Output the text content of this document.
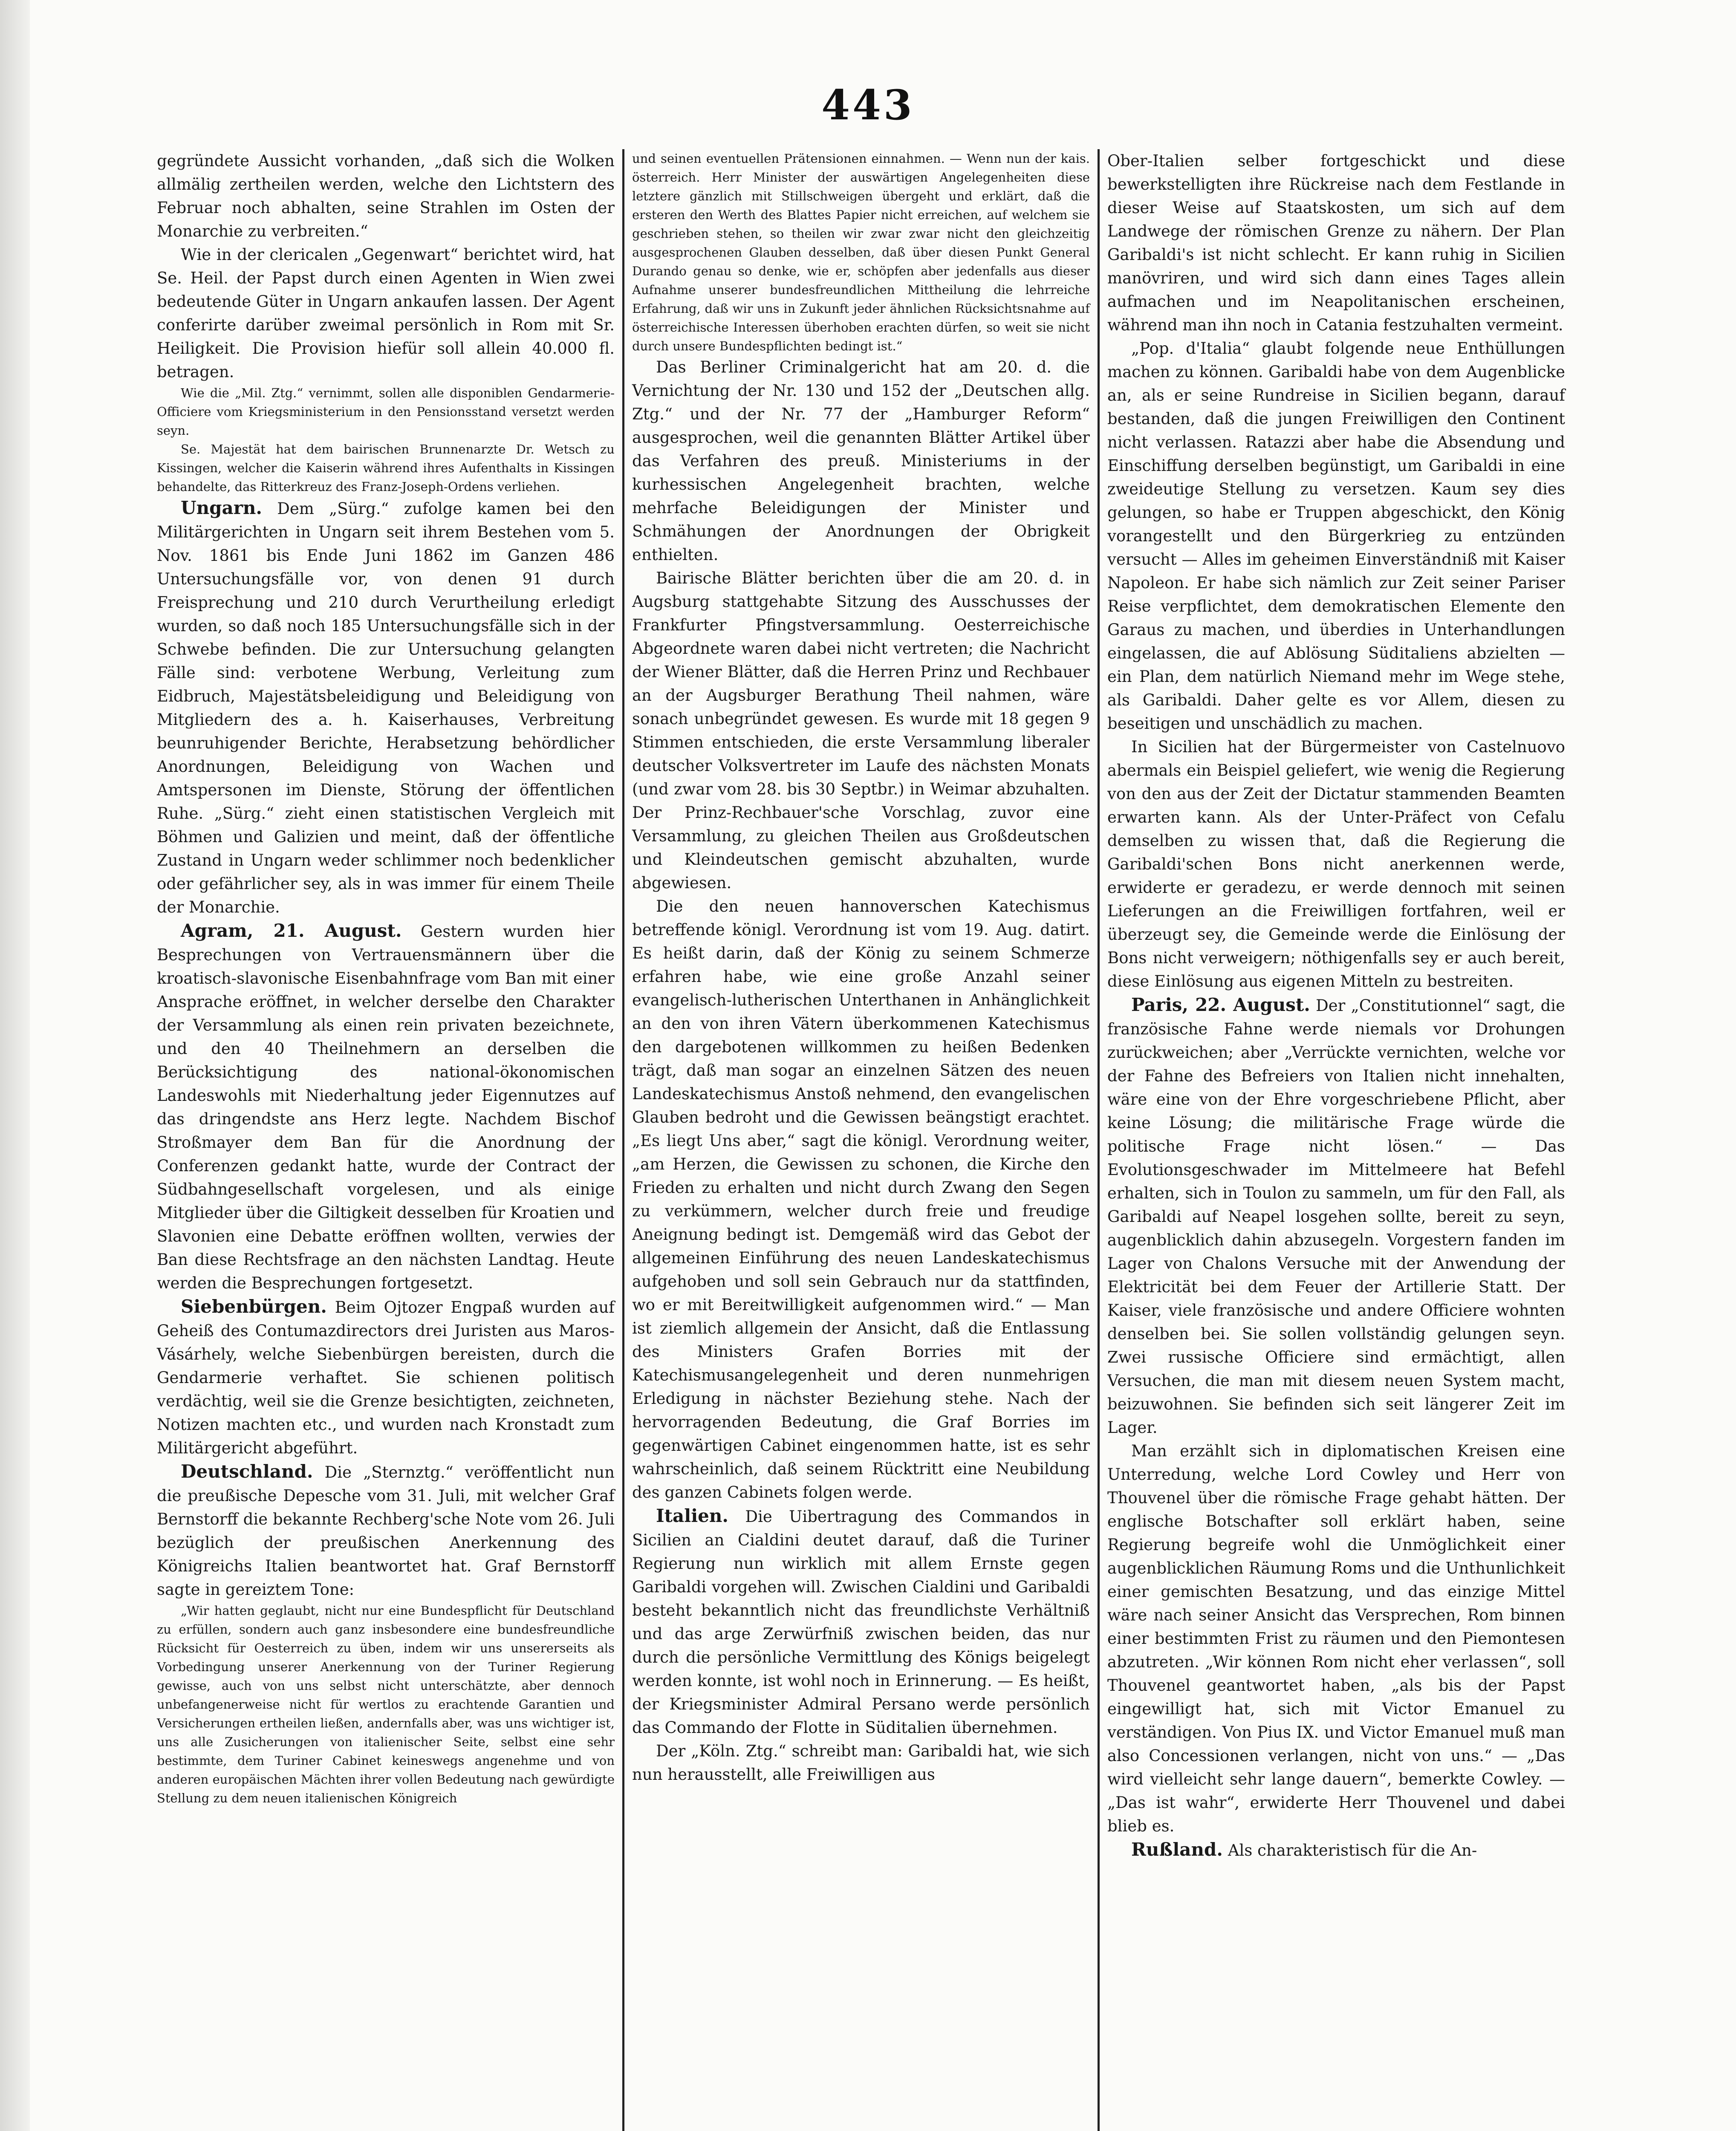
443

gegründete Aussicht vorhanden, „daß sich die Wolken allmälig zertheilen werden, welche den Lichtstern des Februar noch abhalten, seine Strahlen im Osten der Monarchie zu verbreiten.“

Wie in der clericalen „Gegenwart“ berichtet wird, hat Se. Heil. der Papst durch einen Agenten in Wien zwei bedeutende Güter in Ungarn ankaufen lassen. Der Agent conferirte darüber zweimal persönlich in Rom mit Sr. Heiligkeit. Die Provision hiefür soll allein 40.000 fl. betragen.

Wie die „Mil. Ztg.“ vernimmt, sollen alle disponiblen Gendarmerie-Officiere vom Kriegsministerium in den Pensionsstand versetzt werden seyn.

Se. Majestät hat dem bairischen Brunnenarzte Dr. Wetsch zu Kissingen, welcher die Kaiserin während ihres Aufenthalts in Kissingen behandelte, das Ritterkreuz des Franz-Joseph-Ordens verliehen.

Ungarn. Dem „Sürg.“ zufolge kamen bei den Militärgerichten in Ungarn seit ihrem Bestehen vom 5. Nov. 1861 bis Ende Juni 1862 im Ganzen 486 Untersuchungsfälle vor, von denen 91 durch Freisprechung und 210 durch Verurtheilung erledigt wurden, so daß noch 185 Untersuchungsfälle sich in der Schwebe befinden. Die zur Untersuchung gelangten Fälle sind: verbotene Werbung, Verleitung zum Eidbruch, Majestätsbeleidigung und Beleidigung von Mitgliedern des a. h. Kaiserhauses, Verbreitung beunruhigender Berichte, Herabsetzung behördlicher Anordnungen, Beleidigung von Wachen und Amtspersonen im Dienste, Störung der öffentlichen Ruhe. „Sürg.“ zieht einen statistischen Vergleich mit Böhmen und Galizien und meint, daß der öffentliche Zustand in Ungarn weder schlimmer noch bedenklicher oder gefährlicher sey, als in was immer für einem Theile der Monarchie.

Agram, 21. August. Gestern wurden hier Besprechungen von Vertrauensmännern über die kroatisch-slavonische Eisenbahnfrage vom Ban mit einer Ansprache eröffnet, in welcher derselbe den Charakter der Versammlung als einen rein privaten bezeichnete, und den 40 Theilnehmern an derselben die Berücksichtigung des national-ökonomischen Landeswohls mit Niederhaltung jeder Eigennutzes auf das dringendste ans Herz legte. Nachdem Bischof Stroßmayer dem Ban für die Anordnung der Conferenzen gedankt hatte, wurde der Contract der Südbahngesellschaft vorgelesen, und als einige Mitglieder über die Giltigkeit desselben für Kroatien und Slavonien eine Debatte eröffnen wollten, verwies der Ban diese Rechtsfrage an den nächsten Landtag. Heute werden die Besprechungen fortgesetzt.

Siebenbürgen. Beim Ojtozer Engpaß wurden auf Geheiß des Contumazdirectors drei Juristen aus Maros-Vásárhely, welche Siebenbürgen bereisten, durch die Gendarmerie verhaftet. Sie schienen politisch verdächtig, weil sie die Grenze besichtigten, zeichneten, Notizen machten etc., und wurden nach Kronstadt zum Militärgericht abgeführt.

Deutschland. Die „Sternztg.“ veröffentlicht nun die preußische Depesche vom 31. Juli, mit welcher Graf Bernstorff die bekannte Rechberg'sche Note vom 26. Juli bezüglich der preußischen Anerkennung des Königreichs Italien beantwortet hat. Graf Bernstorff sagte in gereiztem Tone:

„Wir hatten geglaubt, nicht nur eine Bundespflicht für Deutschland zu erfüllen, sondern auch ganz insbesondere eine bundesfreundliche Rücksicht für Oesterreich zu üben, indem wir uns unsererseits als Vorbedingung unserer Anerkennung von der Turiner Regierung gewisse, auch von uns selbst nicht unterschätzte, aber dennoch unbefangenerweise nicht für wertlos zu erachtende Garantien und Versicherungen ertheilen ließen, andernfalls aber, was uns wichtiger ist, uns alle Zusicherungen von italienischer Seite, selbst eine sehr bestimmte, dem Turiner Cabinet keineswegs angenehme und von anderen europäischen Mächten ihrer vollen Bedeutung nach gewürdigte Stellung zu dem neuen italienischen Königreich

und seinen eventuellen Prätensionen einnahmen. — Wenn nun der kais. österreich. Herr Minister der auswärtigen Angelegenheiten diese letztere gänzlich mit Stillschweigen übergeht und erklärt, daß die ersteren den Werth des Blattes Papier nicht erreichen, auf welchem sie geschrieben stehen, so theilen wir zwar zwar nicht den gleichzeitig ausgesprochenen Glauben desselben, daß über diesen Punkt General Durando genau so denke, wie er, schöpfen aber jedenfalls aus dieser Aufnahme unserer bundesfreundlichen Mittheilung die lehrreiche Erfahrung, daß wir uns in Zukunft jeder ähnlichen Rücksichtsnahme auf österreichische Interessen überhoben erachten dürfen, so weit sie nicht durch unsere Bundespflichten bedingt ist.“

Das Berliner Criminalgericht hat am 20. d. die Vernichtung der Nr. 130 und 152 der „Deutschen allg. Ztg.“ und der Nr. 77 der „Hamburger Reform“ ausgesprochen, weil die genannten Blätter Artikel über das Verfahren des preuß. Ministeriums in der kurhessischen Angelegenheit brachten, welche mehrfache Beleidigungen der Minister und Schmähungen der Anordnungen der Obrigkeit enthielten.

Bairische Blätter berichten über die am 20. d. in Augsburg stattgehabte Sitzung des Ausschusses der Frankfurter Pfingstversammlung. Oesterreichische Abgeordnete waren dabei nicht vertreten; die Nachricht der Wiener Blätter, daß die Herren Prinz und Rechbauer an der Augsburger Berathung Theil nahmen, wäre sonach unbegründet gewesen. Es wurde mit 18 gegen 9 Stimmen entschieden, die erste Versammlung liberaler deutscher Volksvertreter im Laufe des nächsten Monats (und zwar vom 28. bis 30 Septbr.) in Weimar abzuhalten. Der Prinz-Rechbauer'sche Vorschlag, zuvor eine Versammlung, zu gleichen Theilen aus Großdeutschen und Kleindeutschen gemischt abzuhalten, wurde abgewiesen.

Die den neuen hannoverschen Katechismus betreffende königl. Verordnung ist vom 19. Aug. datirt. Es heißt darin, daß der König zu seinem Schmerze erfahren habe, wie eine große Anzahl seiner evangelisch-lutherischen Unterthanen in Anhänglichkeit an den von ihren Vätern überkommenen Katechismus den dargebotenen willkommen zu heißen Bedenken trägt, daß man sogar an einzelnen Sätzen des neuen Landeskatechismus Anstoß nehmend, den evangelischen Glauben bedroht und die Gewissen beängstigt erachtet. „Es liegt Uns aber,“ sagt die königl. Verordnung weiter, „am Herzen, die Gewissen zu schonen, die Kirche den Frieden zu erhalten und nicht durch Zwang den Segen zu verkümmern, welcher durch freie und freudige Aneignung bedingt ist. Demgemäß wird das Gebot der allgemeinen Einführung des neuen Landeskatechismus aufgehoben und soll sein Gebrauch nur da stattfinden, wo er mit Bereitwilligkeit aufgenommen wird.“ — Man ist ziemlich allgemein der Ansicht, daß die Entlassung des Ministers Grafen Borries mit der Katechismusangelegenheit und deren nunmehrigen Erledigung in nächster Beziehung stehe. Nach der hervorragenden Bedeutung, die Graf Borries im gegenwärtigen Cabinet eingenommen hatte, ist es sehr wahrscheinlich, daß seinem Rücktritt eine Neubildung des ganzen Cabinets folgen werde.

Italien. Die Uibertragung des Commandos in Sicilien an Cialdini deutet darauf, daß die Turiner Regierung nun wirklich mit allem Ernste gegen Garibaldi vorgehen will. Zwischen Cialdini und Garibaldi besteht bekanntlich nicht das freundlichste Verhältniß und das arge Zerwürfniß zwischen beiden, das nur durch die persönliche Vermittlung des Königs beigelegt werden konnte, ist wohl noch in Erinnerung. — Es heißt, der Kriegsminister Admiral Persano werde persönlich das Commando der Flotte in Süditalien übernehmen.

Der „Köln. Ztg.“ schreibt man: Garibaldi hat, wie sich nun herausstellt, alle Freiwilligen aus

Ober-Italien selber fortgeschickt und diese bewerkstelligten ihre Rückreise nach dem Festlande in dieser Weise auf Staatskosten, um sich auf dem Landwege der römischen Grenze zu nähern. Der Plan Garibaldi's ist nicht schlecht. Er kann ruhig in Sicilien manövriren, und wird sich dann eines Tages allein aufmachen und im Neapolitanischen erscheinen, während man ihn noch in Catania festzuhalten vermeint.

„Pop. d'Italia“ glaubt folgende neue Enthüllungen machen zu können. Garibaldi habe von dem Augenblicke an, als er seine Rundreise in Sicilien begann, darauf bestanden, daß die jungen Freiwilligen den Continent nicht verlassen. Ratazzi aber habe die Absendung und Einschiffung derselben begünstigt, um Garibaldi in eine zweideutige Stellung zu versetzen. Kaum sey dies gelungen, so habe er Truppen abgeschickt, den König vorangestellt und den Bürgerkrieg zu entzünden versucht — Alles im geheimen Einverständniß mit Kaiser Napoleon. Er habe sich nämlich zur Zeit seiner Pariser Reise verpflichtet, dem demokratischen Elemente den Garaus zu machen, und überdies in Unterhandlungen eingelassen, die auf Ablösung Süditaliens abzielten — ein Plan, dem natürlich Niemand mehr im Wege stehe, als Garibaldi. Daher gelte es vor Allem, diesen zu beseitigen und unschädlich zu machen.

In Sicilien hat der Bürgermeister von Castelnuovo abermals ein Beispiel geliefert, wie wenig die Regierung von den aus der Zeit der Dictatur stammenden Beamten erwarten kann. Als der Unter-Präfect von Cefalu demselben zu wissen that, daß die Regierung die Garibaldi'schen Bons nicht anerkennen werde, erwiderte er geradezu, er werde dennoch mit seinen Lieferungen an die Freiwilligen fortfahren, weil er überzeugt sey, die Gemeinde werde die Einlösung der Bons nicht verweigern; nöthigenfalls sey er auch bereit, diese Einlösung aus eigenen Mitteln zu bestreiten.

Paris, 22. August. Der „Constitutionnel“ sagt, die französische Fahne werde niemals vor Drohungen zurückweichen; aber „Verrückte vernichten, welche vor der Fahne des Befreiers von Italien nicht innehalten, wäre eine von der Ehre vorgeschriebene Pflicht, aber keine Lösung; die militärische Frage würde die politische Frage nicht lösen.“ — Das Evolutionsgeschwader im Mittelmeere hat Befehl erhalten, sich in Toulon zu sammeln, um für den Fall, als Garibaldi auf Neapel losgehen sollte, bereit zu seyn, augenblicklich dahin abzusegeln. Vorgestern fanden im Lager von Chalons Versuche mit der Anwendung der Elektricität bei dem Feuer der Artillerie Statt. Der Kaiser, viele französische und andere Officiere wohnten denselben bei. Sie sollen vollständig gelungen seyn. Zwei russische Officiere sind ermächtigt, allen Versuchen, die man mit diesem neuen System macht, beizuwohnen. Sie befinden sich seit längerer Zeit im Lager.

Man erzählt sich in diplomatischen Kreisen eine Unterredung, welche Lord Cowley und Herr von Thouvenel über die römische Frage gehabt hätten. Der englische Botschafter soll erklärt haben, seine Regierung begreife wohl die Unmöglichkeit einer augenblicklichen Räumung Roms und die Unthunlichkeit einer gemischten Besatzung, und das einzige Mittel wäre nach seiner Ansicht das Versprechen, Rom binnen einer bestimmten Frist zu räumen und den Piemontesen abzutreten. „Wir können Rom nicht eher verlassen“, soll Thouvenel geantwortet haben, „als bis der Papst eingewilligt hat, sich mit Victor Emanuel zu verständigen. Von Pius IX. und Victor Emanuel muß man also Concessionen verlangen, nicht von uns.“ — „Das wird vielleicht sehr lange dauern“, bemerkte Cowley. — „Das ist wahr“, erwiderte Herr Thouvenel und dabei blieb es.

Rußland. Als charakteristisch für die An-
